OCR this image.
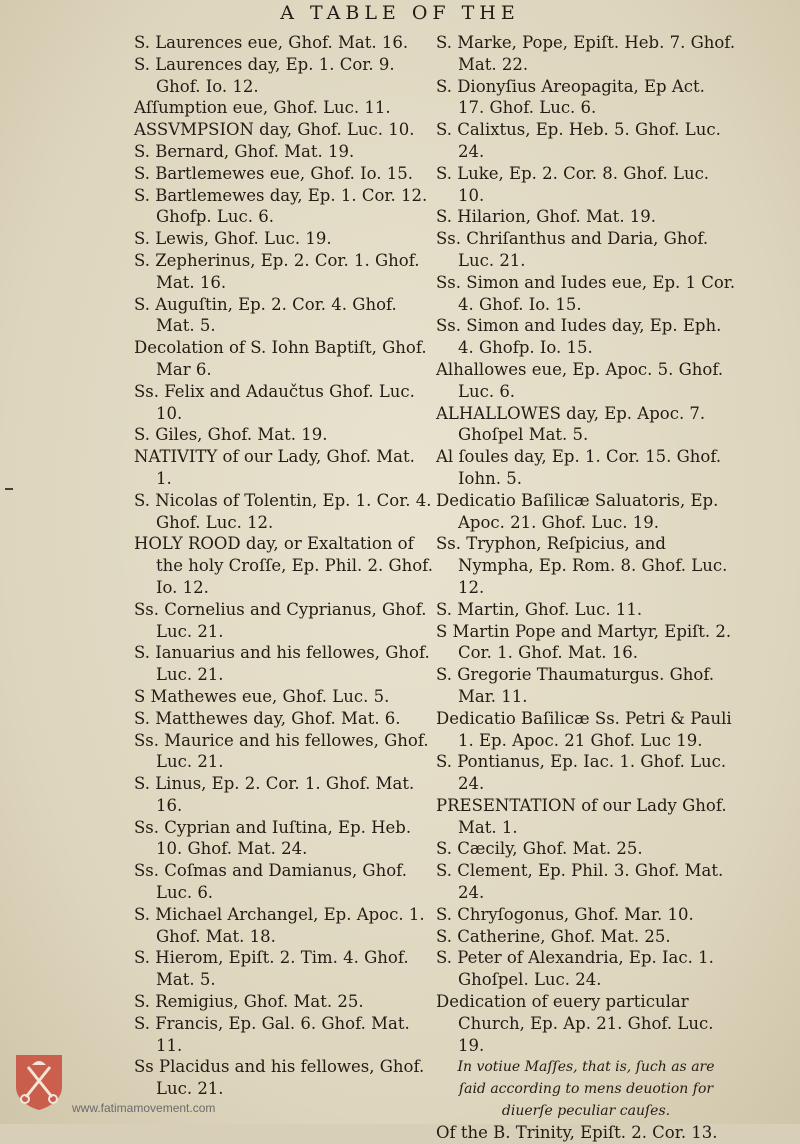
A TABLE OF THE

S. Laurences eue, Ghof. Mat. 16.

S. Laurences day, Ep. 1. Cor. 9. Ghof. Io. 12.

Aſſumption eue, Ghof. Luc. 11.

ASSVMPSION day, Ghof. Luc. 10.

S. Bernard, Ghof. Mat. 19.

S. Bartlemewes eue, Ghof. Io. 15.

S. Bartlemewes day, Ep. 1. Cor. 12. Ghofp. Luc. 6.

S. Lewis, Ghof. Luc. 19.

S. Zepherinus, Ep. 2. Cor. 1. Ghof. Mat. 16.

S. Auguſtin, Ep. 2. Cor. 4. Ghof. Mat. 5.

Decolation of S. Iohn Baptiſt, Ghof. Mar 6.

Ss. Felix and Adaučtus Ghof. Luc. 10.

S. Giles, Ghof. Mat. 19.

NATIVITY of our Lady, Ghof. Mat. 1.

S. Nicolas of Tolentin, Ep. 1. Cor. 4. Ghof. Luc. 12.

HOLY ROOD day, or Exaltation of the holy Croſſe, Ep. Phil. 2. Ghof. Io. 12.

Ss. Cornelius and Cyprianus, Ghof. Luc. 21.

S. Ianuarius and his fellowes, Ghof. Luc. 21.

S Mathewes eue, Ghof. Luc. 5.

S. Matthewes day, Ghof. Mat. 6.

Ss. Maurice and his fellowes, Ghof. Luc. 21.

S. Linus, Ep. 2. Cor. 1. Ghof. Mat. 16.

Ss. Cyprian and Iuſtina, Ep. Heb. 10. Ghof. Mat. 24.

Ss. Coſmas and Damianus, Ghof. Luc. 6.

S. Michael Archangel, Ep. Apoc. 1. Ghof. Mat. 18.

S. Hierom, Epiſt. 2. Tim. 4. Ghof. Mat. 5.

S. Remigius, Ghof. Mat. 25.

S. Francis, Ep. Gal. 6. Ghof. Mat. 11.

Ss Placidus and his fellowes, Ghof. Luc. 21.

S. Marke, Pope, Epiſt. Heb. 7. Ghof. Mat. 22.

S. Dionyſius Areopagita, Ep Act. 17. Ghof. Luc. 6.

S. Calixtus, Ep. Heb. 5. Ghof. Luc. 24.

S. Luke, Ep. 2. Cor. 8. Ghof. Luc. 10.

S. Hilarion, Ghof. Mat. 19.

Ss. Chriſanthus and Daria, Ghof. Luc. 21.

Ss. Simon and Iudes eue, Ep. 1 Cor. 4. Ghof. Io. 15.

Ss. Simon and Iudes day, Ep. Eph. 4. Ghofp. Io. 15.

Alhallowes eue, Ep. Apoc. 5. Ghof. Luc. 6.

ALHALLOWES day, Ep. Apoc. 7. Ghoſpel Mat. 5.

Al ſoules day, Ep. 1. Cor. 15. Ghof. Iohn. 5.

Dedicatio Baſilicæ Saluatoris, Ep. Apoc. 21. Ghof. Luc. 19.

Ss. Tryphon, Reſpicius, and Nympha, Ep. Rom. 8. Ghof. Luc. 12.

S. Martin, Ghof. Luc. 11.

S Martin Pope and Martyr, Epiſt. 2. Cor. 1. Ghof. Mat. 16.

S. Gregorie Thaumaturgus. Ghof. Mar. 11.

Dedicatio Baſilicæ Ss. Petri & Pauli 1. Ep. Apoc. 21 Ghof. Luc 19.

S. Pontianus, Ep. Iac. 1. Ghof. Luc. 24.

PRESENTATION of our Lady Ghof. Mat. 1.

S. Cæcily, Ghof. Mat. 25.

S. Clement, Ep. Phil. 3. Ghof. Mat. 24.

S. Chryſogonus, Ghof. Mar. 10.

S. Catherine, Ghof. Mat. 25.

S. Peter of Alexandria, Ep. Iac. 1. Ghoſpel. Luc. 24.

Dedication of euery particular Church, Ep. Ap. 21. Ghof. Luc. 19.

In votiue Maſſes, that is, ſuch as are ſaid according to mens deuotion for diuerſe peculiar cauſes.

Of the B. Trinity, Epiſt. 2. Cor. 13.

www.fatimamovement.com
